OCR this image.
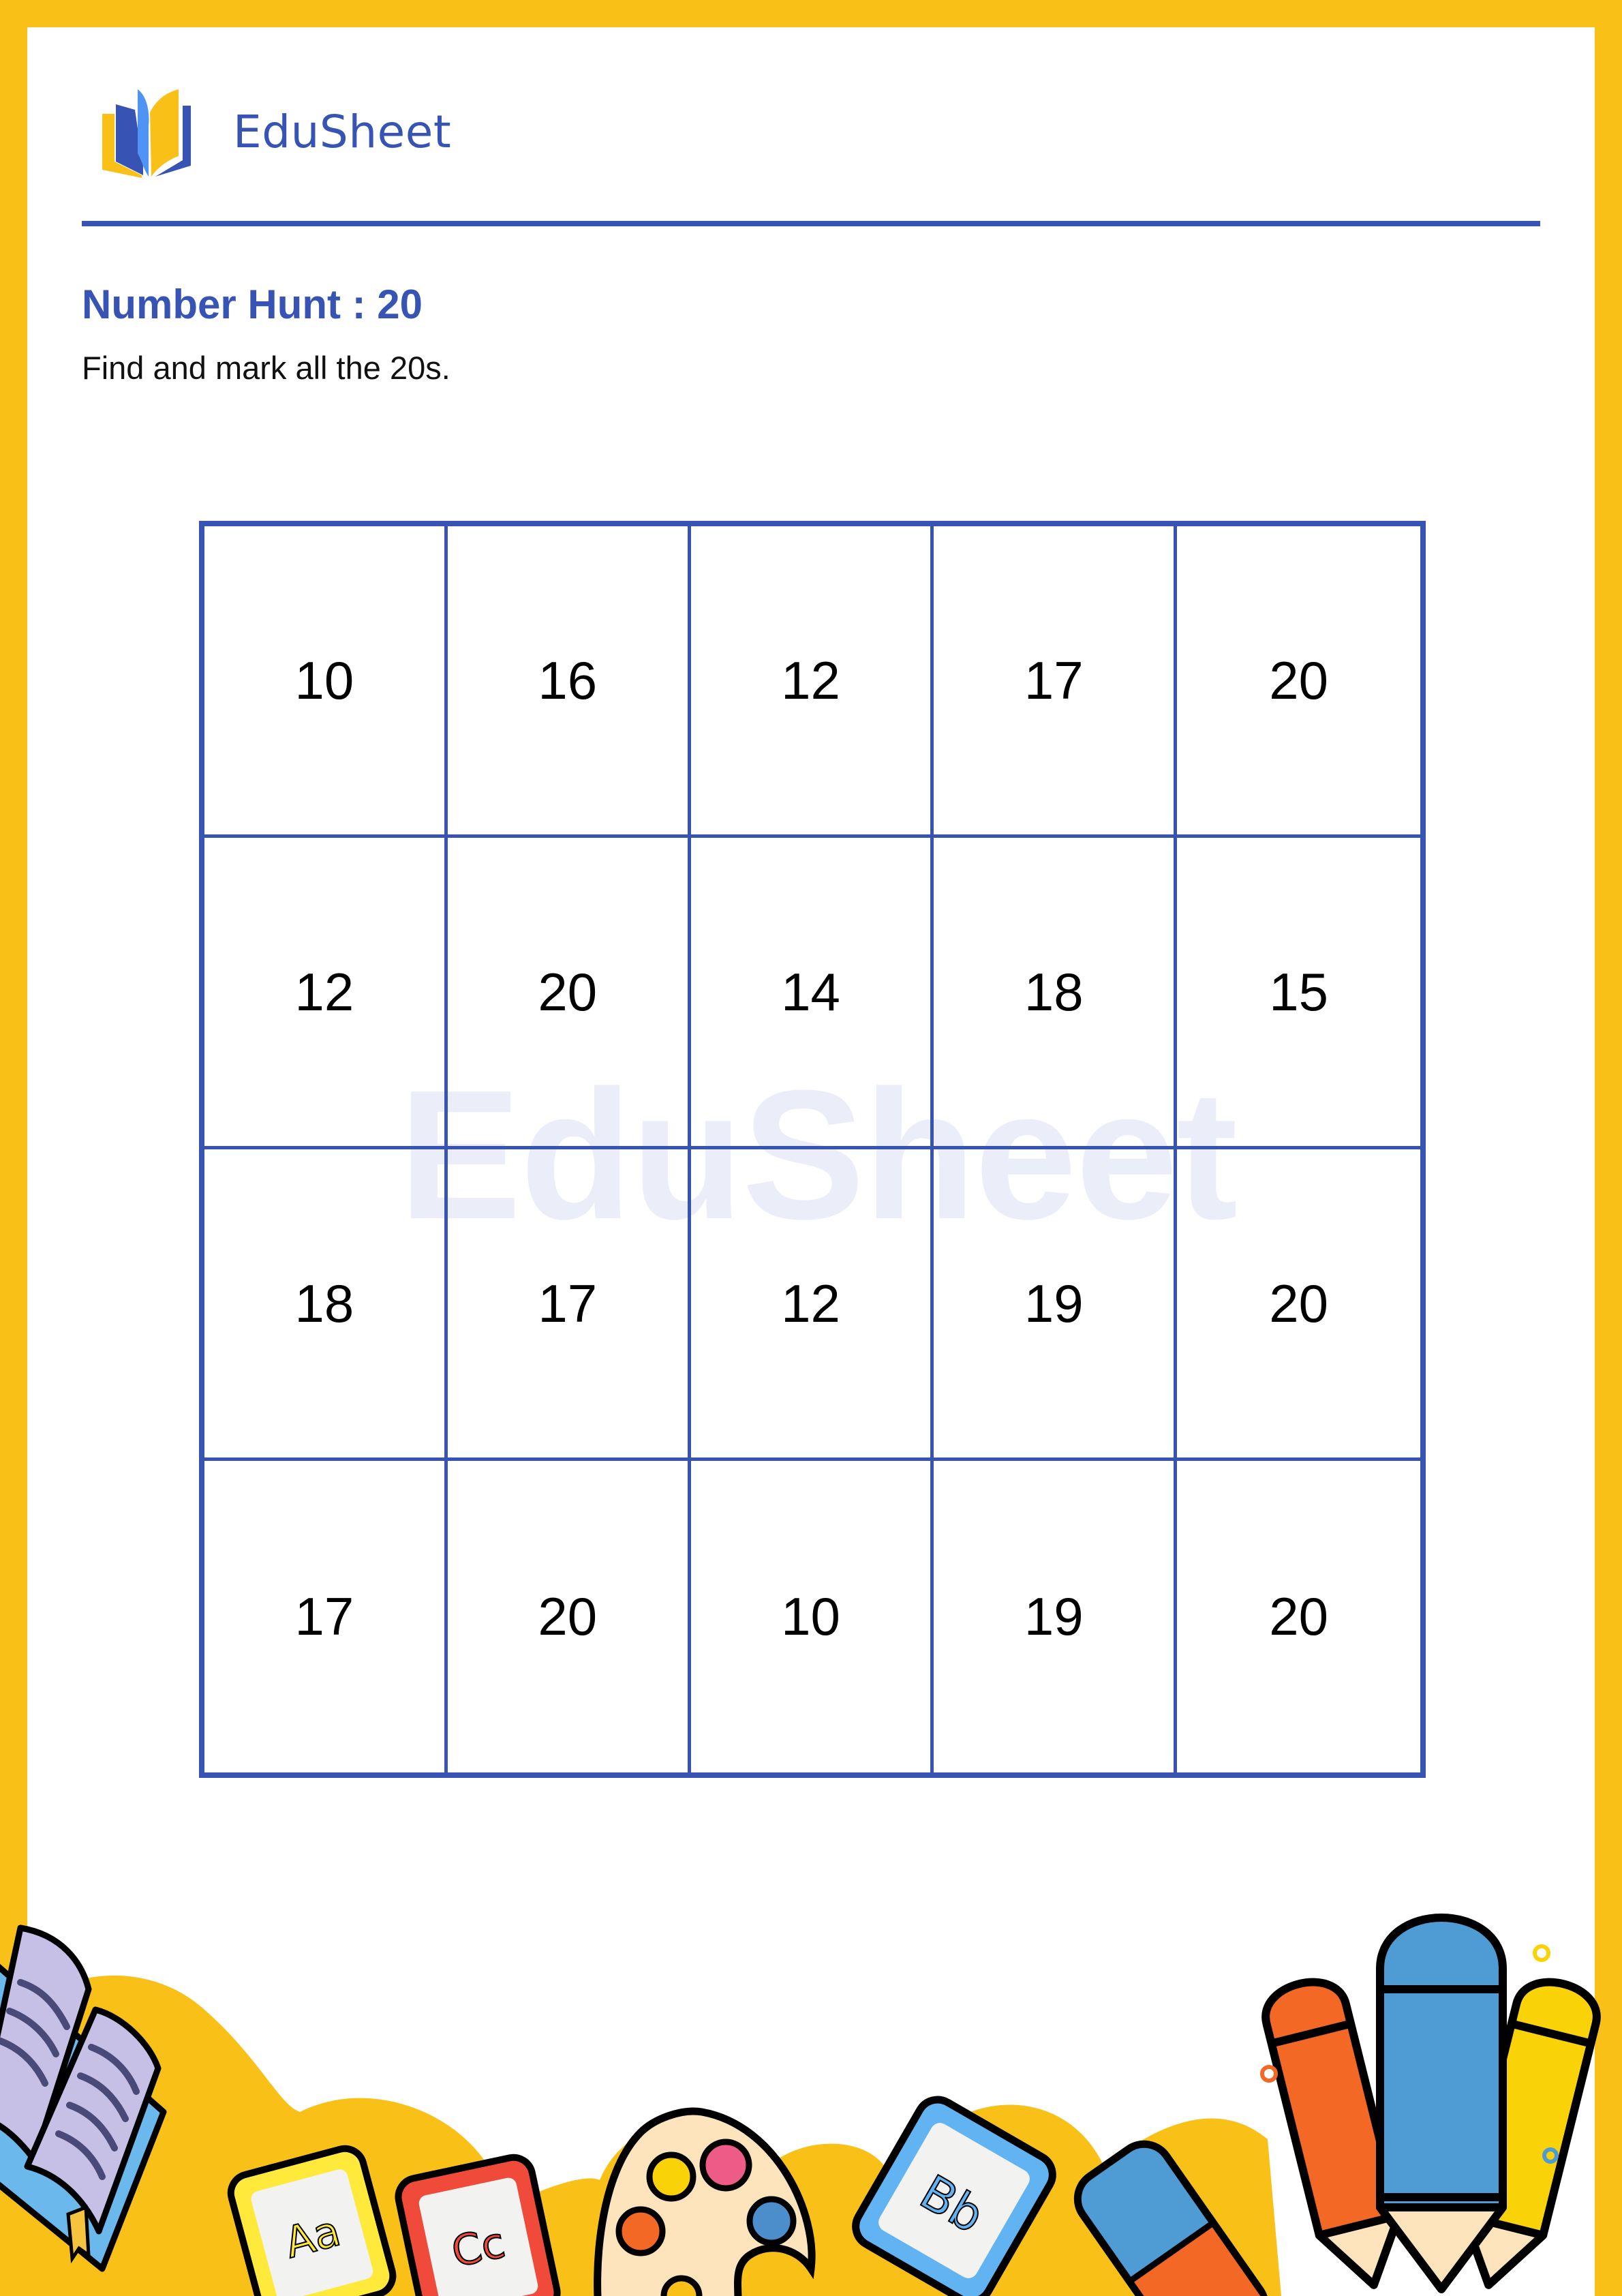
EduSheet
Number Hunt : 20
Find and mark all the 20s.
EduSheet
10	16	12	17	20
12	20	14	18	15
18	17	12	19	20
17	20	10	19	20
Aa Cc
Bb
